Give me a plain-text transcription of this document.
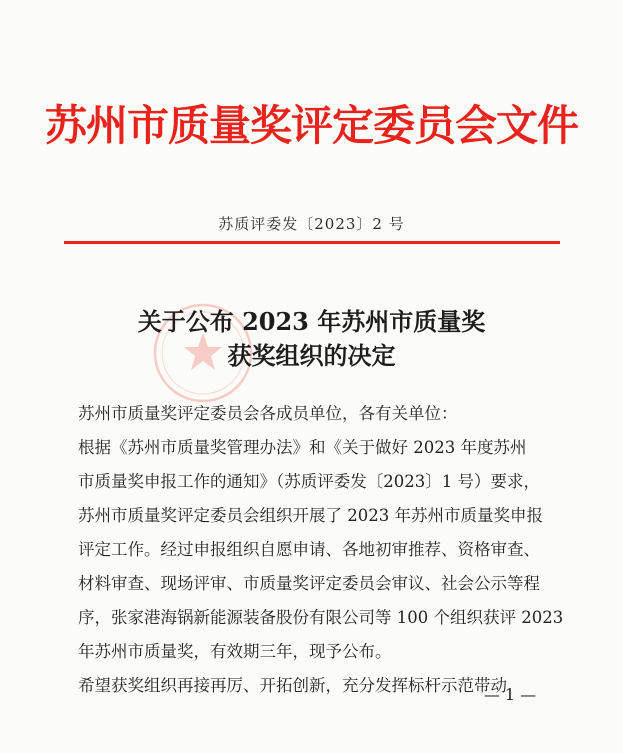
苏州市质量奖评定委员会文件
苏质评委发〔2023〕2 号
关于公布 2023 年苏州市质量奖
获奖组织的决定
苏州市质量奖评定委员会各成员单位，各有关单位：
根据《苏州市质量奖管理办法》和《关于做好 2023 年度苏州
市质量奖申报工作的通知》（苏质评委发〔2023〕1 号）要求，
苏州市质量奖评定委员会组织开展了 2023 年苏州市质量奖申报
评定工作。经过申报组织自愿申请、各地初审推荐、资格审查、
材料审查、现场评审、市质量奖评定委员会审议、社会公示等程
序，张家港海锅新能源装备股份有限公司等 100 个组织获评 2023
年苏州市质量奖，有效期三年，现予公布。
希望获奖组织再接再厉、开拓创新，充分发挥标杆示范带动
— 1 —
